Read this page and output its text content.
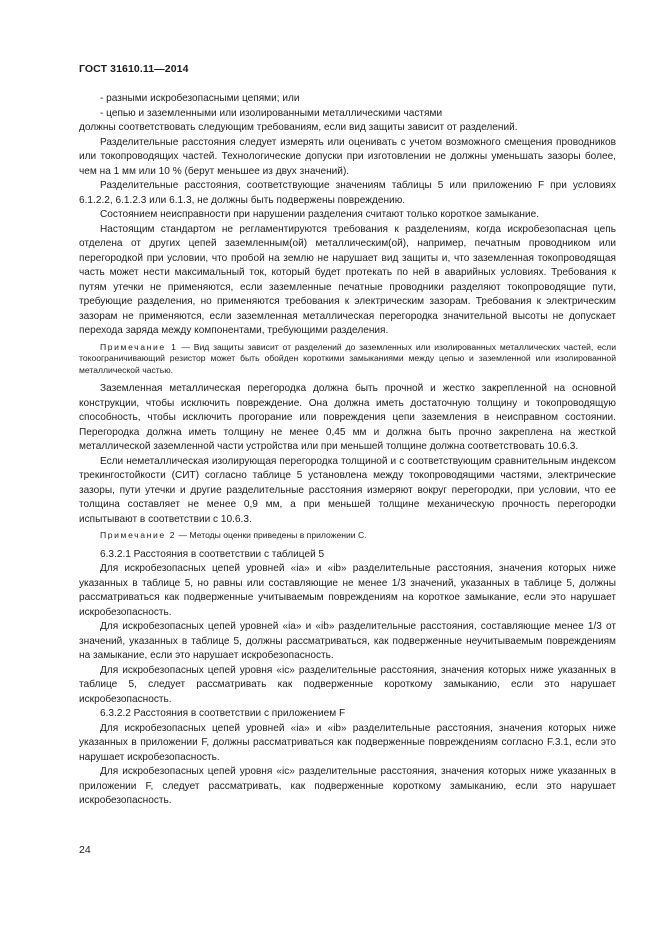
ГОСТ 31610.11—2014

- разными искробезопасными цепями; или

- цепью и заземленными или изолированными металлическими частями

должны соответствовать следующим требованиям, если вид защиты зависит от разделений.

Разделительные расстояния следует измерять или оценивать с учетом возможного смещения проводников или токопроводящих частей. Технологические допуски при изготовлении не должны уменьшать зазоры более, чем на 1 мм или 10 % (берут меньшее из двух значений).

Разделительные расстояния, соответствующие значениям таблицы 5 или приложению F при условиях 6.1.2.2, 6.1.2.3 или 6.1.3, не должны быть подвержены повреждению.

Состоянием неисправности при нарушении разделения считают только короткое замыкание.

Настоящим стандартом не регламентируются требования к разделениям, когда искробезопасная цепь отделена от других цепей заземленным(ой) металлическим(ой), например, печатным проводником или перегородкой при условии, что пробой на землю не нарушает вид защиты и, что заземленная токопроводящая часть может нести максимальный ток, который будет протекать по ней в аварийных условиях. Требования к путям утечки не применяются, если заземленные печатные проводники разделяют токопроводящие пути, требующие разделения, но применяются требования к электрическим зазорам. Требования к электрическим зазорам не применяются, если заземленная металлическая перегородка значительной высоты не допускает перехода заряда между компонентами, требующими разделения.

Примечание 1 — Вид защиты зависит от разделений до заземленных или изолированных металлических частей, если токоограничивающий резистор может быть обойден короткими замыканиями между цепью и заземленной или изолированной металлической частью.

Заземленная металлическая перегородка должна быть прочной и жестко закрепленной на основной конструкции, чтобы исключить повреждение. Она должна иметь достаточную толщину и токопроводящую способность, чтобы исключить прогорание или повреждения цепи заземления в неисправном состоянии. Перегородка должна иметь толщину не менее 0,45 мм и должна быть прочно закреплена на жесткой металлической заземленной части устройства или при меньшей толщине должна соответствовать 10.6.3.

Если неметаллическая изолирующая перегородка толщиной и с соответствующим сравнительным индексом трекингостойкости (СИТ) согласно таблице 5 установлена между токопроводящими частями, электрические зазоры, пути утечки и другие разделительные расстояния измеряют вокруг перегородки, при условии, что ее толщина составляет не менее 0,9 мм, а при меньшей толщине механическую прочность перегородки испытывают в соответствии с 10.6.3.

Примечание 2 — Методы оценки приведены в приложении С.

6.3.2.1 Расстояния в соответствии с таблицей 5

Для искробезопасных цепей уровней «ia» и «ib» разделительные расстояния, значения которых ниже указанных в таблице 5, но равны или составляющие не менее 1/3 значений, указанных в таблице 5, должны рассматриваться как подверженные учитываемым повреждениям на короткое замыкание, если это нарушает искробезопасность.

Для искробезопасных цепей уровней «ia» и «ib» разделительные расстояния, составляющие менее 1/3 от значений, указанных в таблице 5, должны рассматриваться, как подверженные неучитываемым повреждениям на замыкание, если это нарушает искробезопасность.

Для искробезопасных цепей уровня «ic» разделительные расстояния, значения которых ниже указанных в таблице 5, следует рассматривать как подверженные короткому замыканию, если это нарушает искробезопасность.

6.3.2.2 Расстояния в соответствии с приложением F

Для искробезопасных цепей уровней «ia» и «ib» разделительные расстояния, значения которых ниже указанных в приложении F, должны рассматриваться как подверженные повреждениям согласно F.3.1, если это нарушает искробезопасность.

Для искробезопасных цепей уровня «ic» разделительные расстояния, значения которых ниже указанных в приложении F, следует рассматривать, как подверженные короткому замыканию, если это нарушает искробезопасность.

24
